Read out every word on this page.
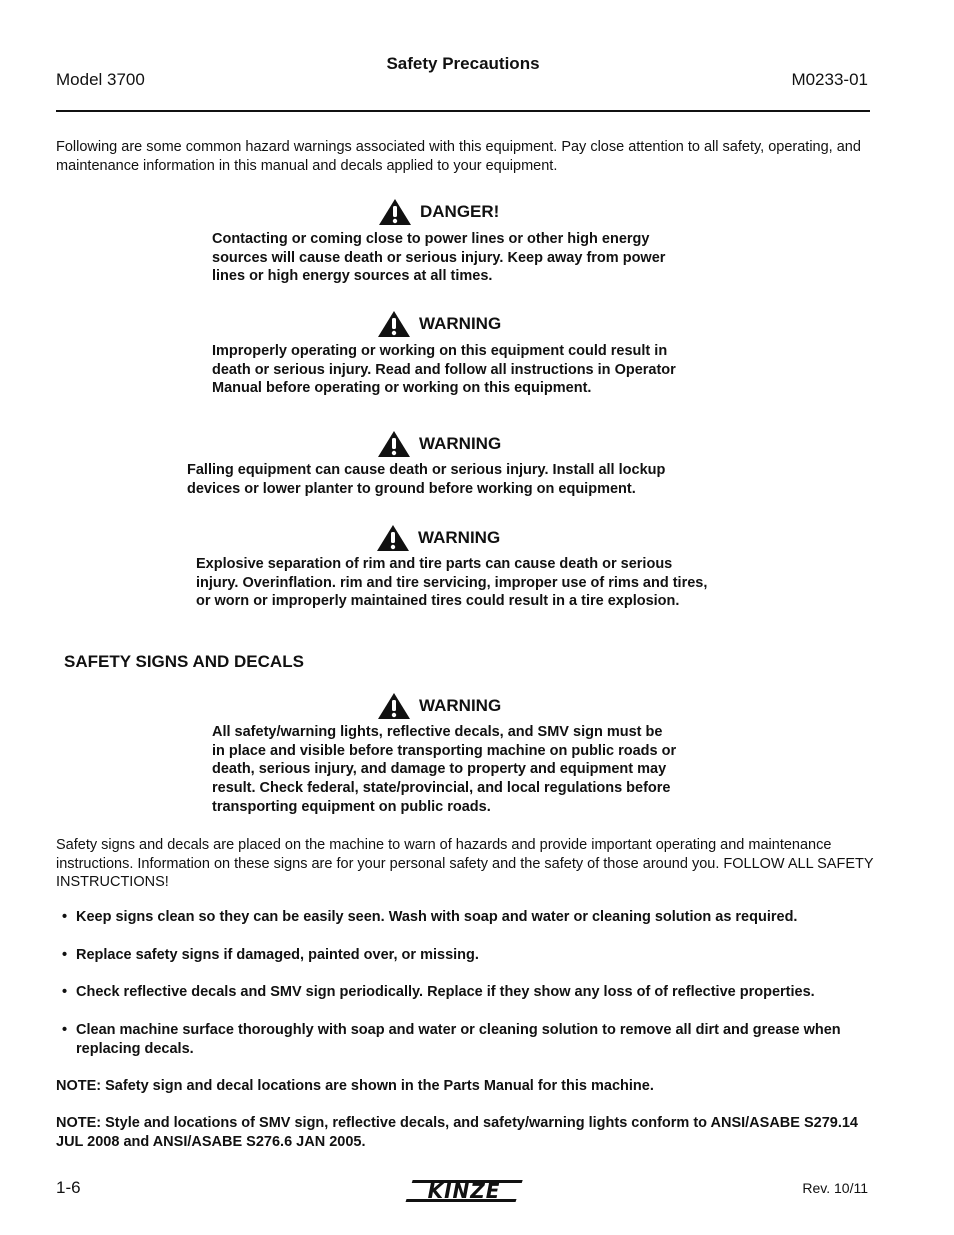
Model 3700
Safety Precautions
M0233-01
Following are some common hazard warnings associated with this equipment. Pay close attention to all safety, operating, and maintenance information in this manual and decals applied to your equipment.
DANGER!
Contacting or coming close to power lines or other high energy
sources will cause death or serious injury. Keep away from power
lines or high energy sources at all times.
WARNING
Improperly operating or working on this equipment could result in
death or serious injury. Read and follow all instructions in Operator
Manual before operating or working on this equipment.
WARNING
Falling equipment can cause death or serious injury. Install all lockup
devices or lower planter to ground before working on equipment.
WARNING
Explosive separation of rim and tire parts can cause death or serious
injury. Overinflation. rim and tire servicing, improper use of rims and tires,
or worn or improperly maintained tires could result in a tire explosion.
SAFETY SIGNS AND DECALS
WARNING
All safety/warning lights, reflective decals, and SMV sign must be
in place and visible before transporting machine on public roads or
death, serious injury, and damage to property and equipment may
result. Check federal, state/provincial, and local regulations before
transporting equipment on public roads.
Safety signs and decals are placed on the machine to warn of hazards and provide important operating and maintenance instructions. Information on these signs are for your personal safety and the safety of those around you. FOLLOW ALL SAFETY INSTRUCTIONS!
• Keep signs clean so they can be easily seen. Wash with soap and water or cleaning solution as required.
• Replace safety signs if damaged, painted over, or missing.
• Check reflective decals and SMV sign periodically. Replace if they show any loss of of reflective properties.
• Clean machine surface thoroughly with soap and water or cleaning solution to remove all dirt and grease when replacing decals.
NOTE: Safety sign and decal locations are shown in the Parts Manual for this machine.
NOTE: Style and locations of SMV sign, reflective decals, and safety/warning lights conform to ANSI/ASABE S279.14 JUL 2008 and ANSI/ASABE S276.6 JAN 2005.
1-6	KINZE	Rev. 10/11
